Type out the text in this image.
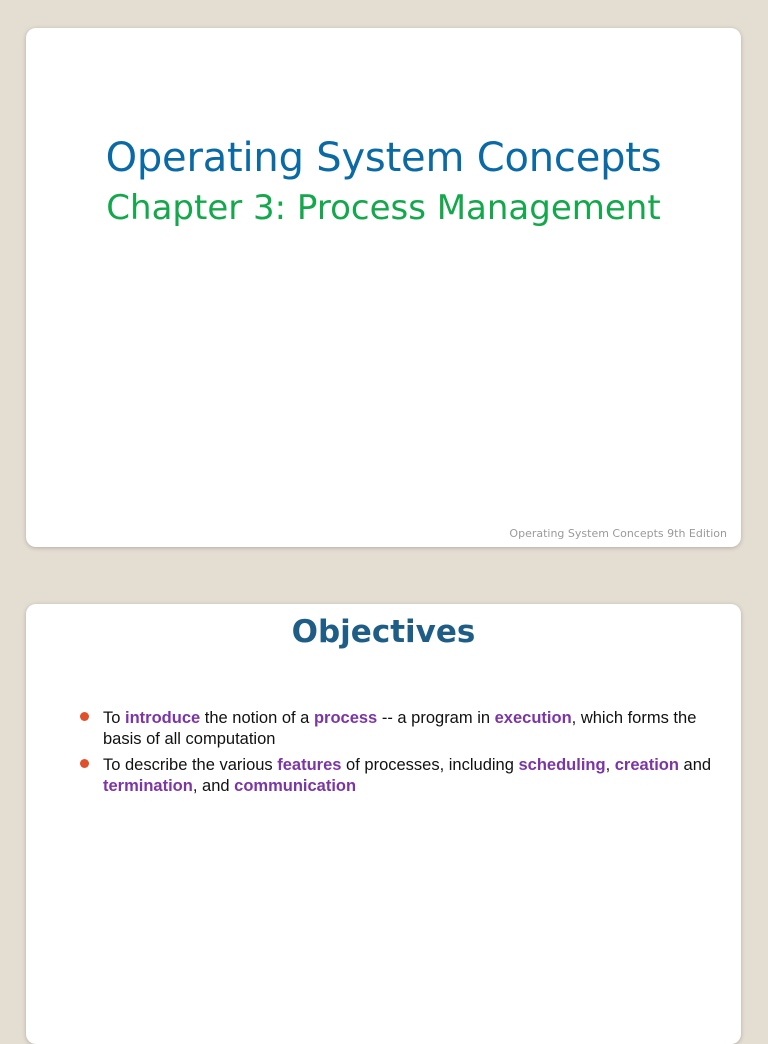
Operating System Concepts
Chapter 3: Process Management
Operating System Concepts 9th Edition
Objectives
To introduce the notion of a process -- a program in execution, which forms the basis of all computation
To describe the various features of processes, including scheduling, creation and termination, and communication
